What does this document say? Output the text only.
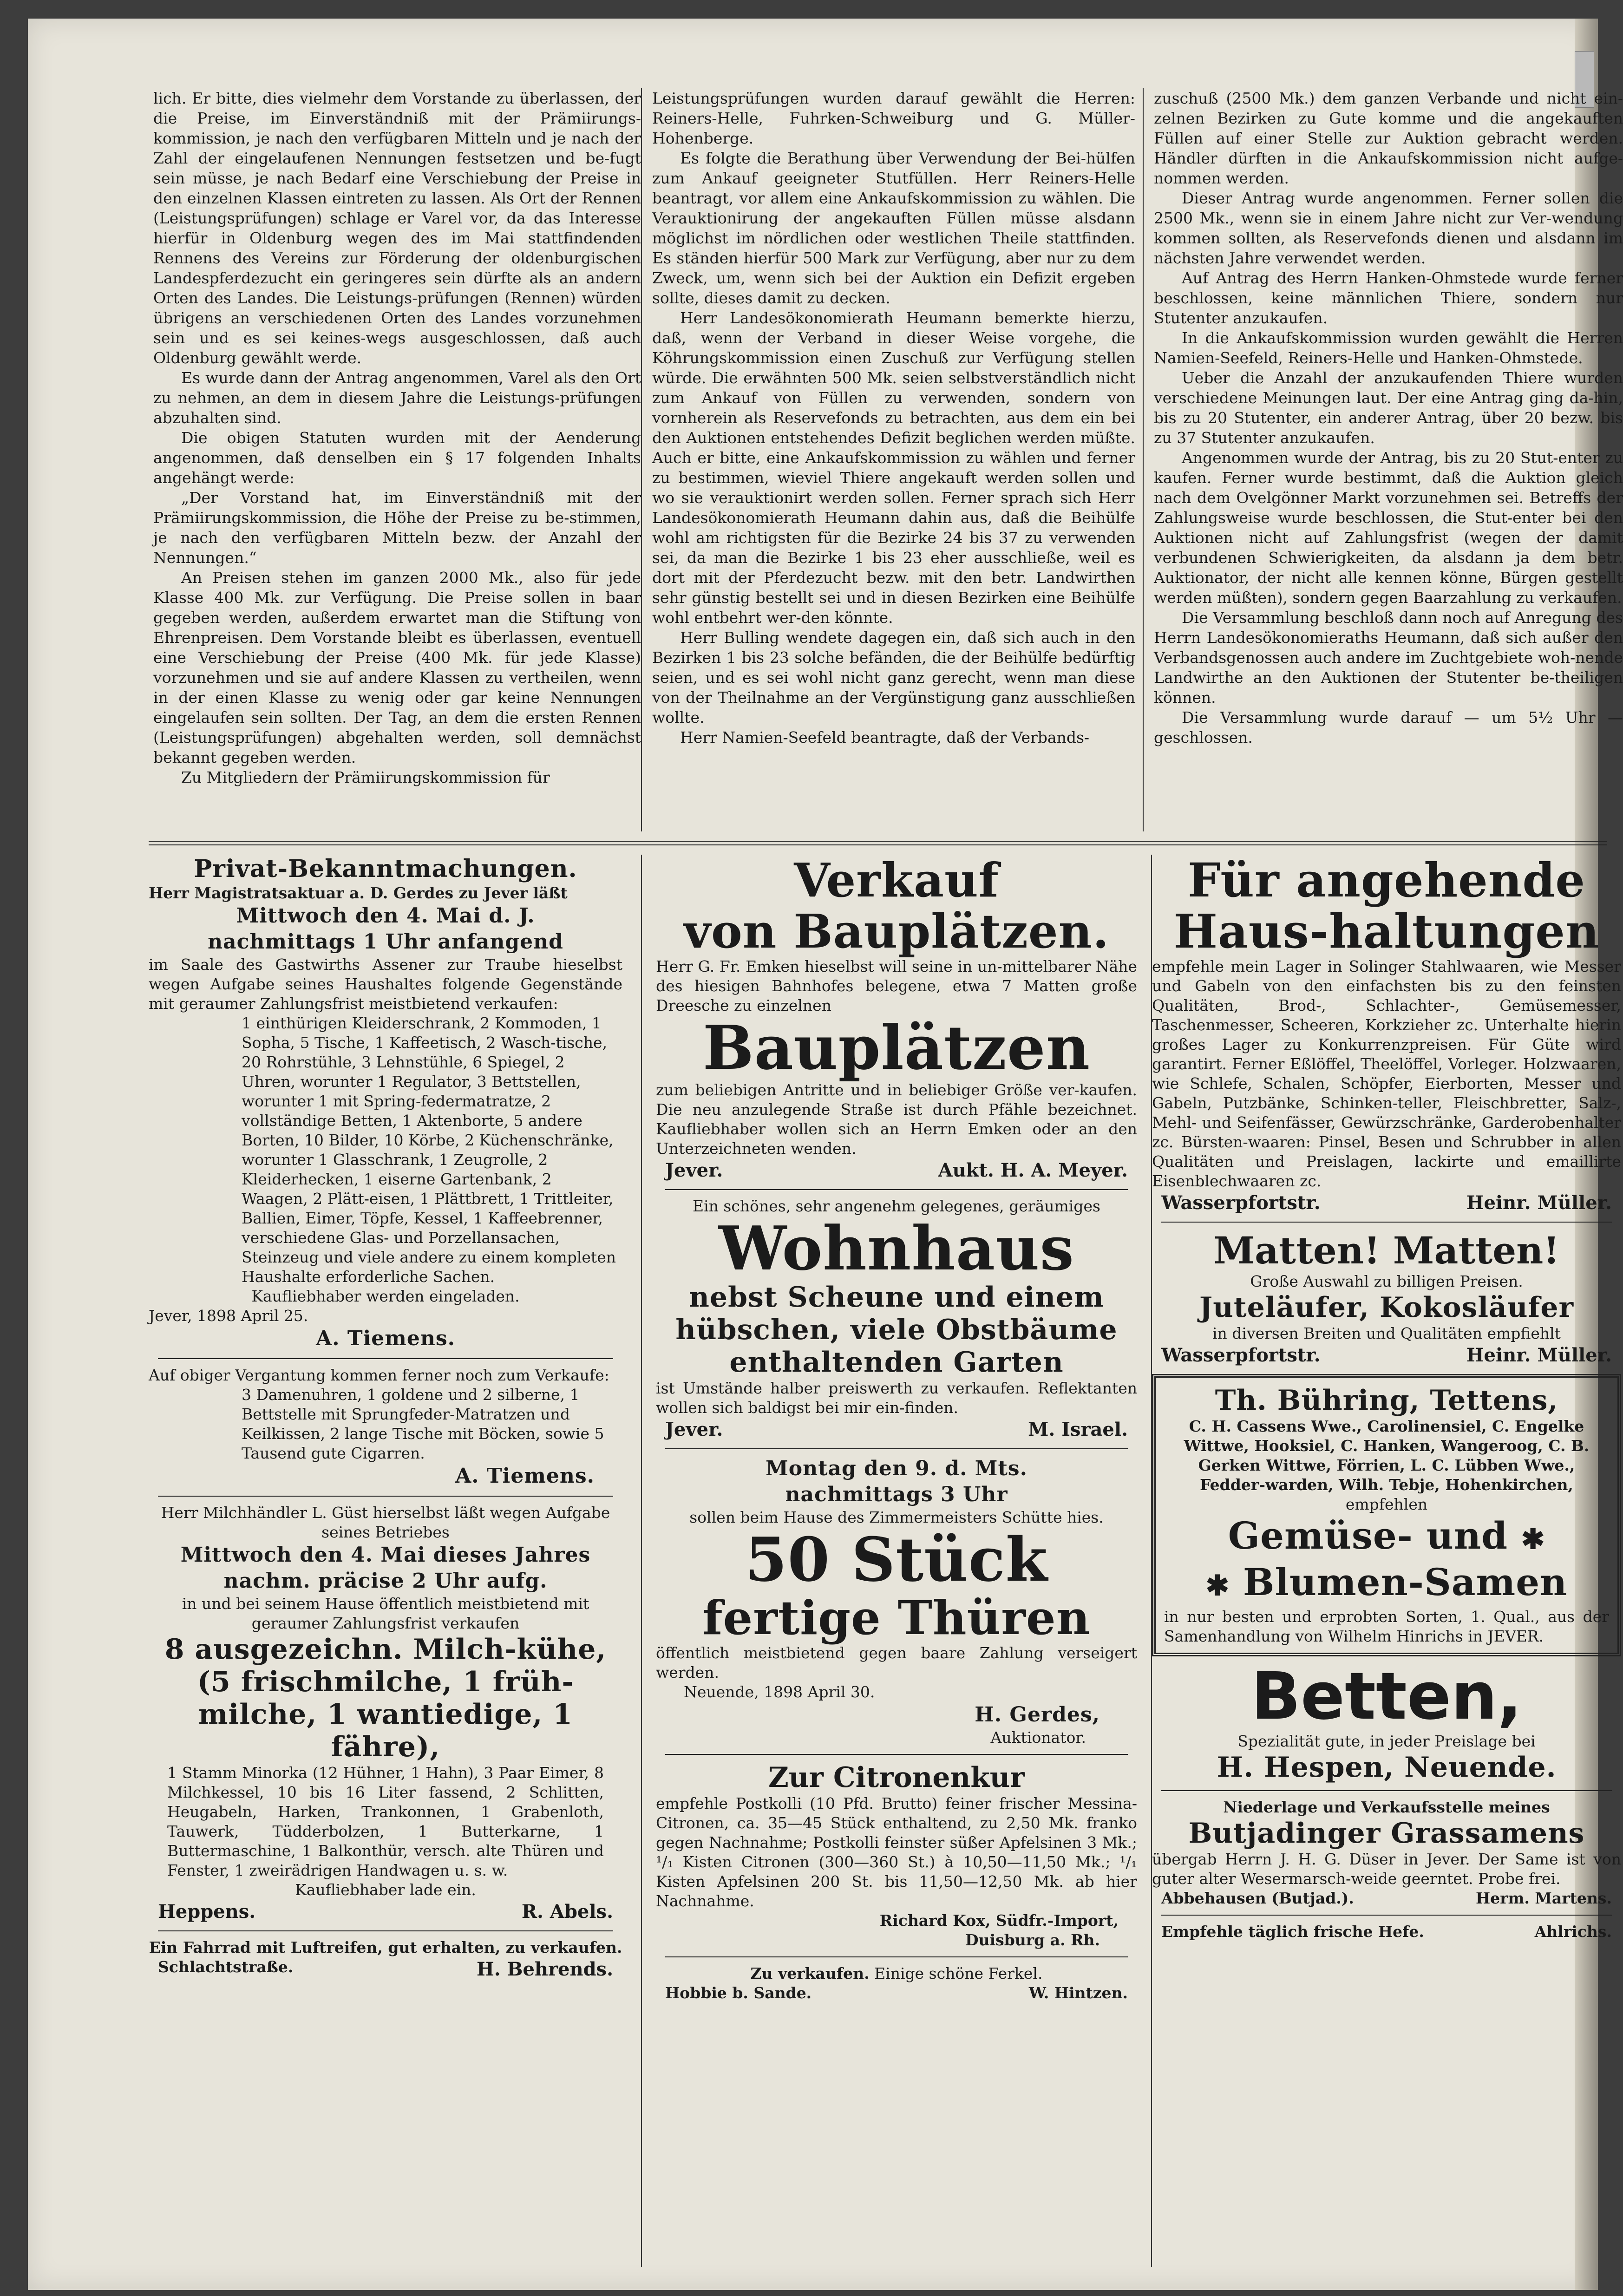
lich. Er bitte, dies vielmehr dem Vorstande zu überlassen, der die Preise, im Einverständniß mit der Prämiirungs-kommission, je nach den verfügbaren Mitteln und je nach der Zahl der eingelaufenen Nennungen festsetzen und be-fugt sein müsse, je nach Bedarf eine Verschiebung der Preise in den einzelnen Klassen eintreten zu lassen. Als Ort der Rennen (Leistungsprüfungen) schlage er Varel vor, da das Interesse hierfür in Oldenburg wegen des im Mai stattfindenden Rennens des Vereins zur Förderung der oldenburgischen Landespferdezucht ein geringeres sein dürfte als an andern Orten des Landes. Die Leistungs-prüfungen (Rennen) würden übrigens an verschiedenen Orten des Landes vorzunehmen sein und es sei keines-wegs ausgeschlossen, daß auch Oldenburg gewählt werde.

Es wurde dann der Antrag angenommen, Varel als den Ort zu nehmen, an dem in diesem Jahre die Leistungs-prüfungen abzuhalten sind.

Die obigen Statuten wurden mit der Aenderung angenommen, daß denselben ein § 17 folgenden Inhalts angehängt werde:

„Der Vorstand hat, im Einverständniß mit der Prämiirungskommission, die Höhe der Preise zu be-stimmen, je nach den verfügbaren Mitteln bezw. der Anzahl der Nennungen.“

An Preisen stehen im ganzen 2000 Mk., also für jede Klasse 400 Mk. zur Verfügung. Die Preise sollen in baar gegeben werden, außerdem erwartet man die Stiftung von Ehrenpreisen. Dem Vorstande bleibt es überlassen, eventuell eine Verschiebung der Preise (400 Mk. für jede Klasse) vorzunehmen und sie auf andere Klassen zu vertheilen, wenn in der einen Klasse zu wenig oder gar keine Nennungen eingelaufen sein sollten. Der Tag, an dem die ersten Rennen (Leistungsprüfungen) abgehalten werden, soll demnächst bekannt gegeben werden.

Zu Mitgliedern der Prämiirungskommission für

Leistungsprüfungen wurden darauf gewählt die Herren: Reiners-Helle, Fuhrken-Schweiburg und G. Müller-Hohenberge.

Es folgte die Berathung über Verwendung der Bei-hülfen zum Ankauf geeigneter Stutfüllen. Herr Reiners-Helle beantragt, vor allem eine Ankaufskommission zu wählen. Die Verauktionirung der angekauften Füllen müsse alsdann möglichst im nördlichen oder westlichen Theile stattfinden. Es ständen hierfür 500 Mark zur Verfügung, aber nur zu dem Zweck, um, wenn sich bei der Auktion ein Defizit ergeben sollte, dieses damit zu decken.

Herr Landesökonomierath Heumann bemerkte hierzu, daß, wenn der Verband in dieser Weise vorgehe, die Köhrungskommission einen Zuschuß zur Verfügung stellen würde. Die erwähnten 500 Mk. seien selbstverständlich nicht zum Ankauf von Füllen zu verwenden, sondern von vornherein als Reservefonds zu betrachten, aus dem ein bei den Auktionen entstehendes Defizit beglichen werden müßte. Auch er bitte, eine Ankaufskommission zu wählen und ferner zu bestimmen, wieviel Thiere angekauft werden sollen und wo sie verauktionirt werden sollen. Ferner sprach sich Herr Landesökonomierath Heumann dahin aus, daß die Beihülfe wohl am richtigsten für die Bezirke 24 bis 37 zu verwenden sei, da man die Bezirke 1 bis 23 eher ausschließe, weil es dort mit der Pferdezucht bezw. mit den betr. Landwirthen sehr günstig bestellt sei und in diesen Bezirken eine Beihülfe wohl entbehrt wer-den könnte.

Herr Bulling wendete dagegen ein, daß sich auch in den Bezirken 1 bis 23 solche befänden, die der Beihülfe bedürftig seien, und es sei wohl nicht ganz gerecht, wenn man diese von der Theilnahme an der Vergünstigung ganz ausschließen wollte.

Herr Namien-Seefeld beantragte, daß der Verbands-

zuschuß (2500 Mk.) dem ganzen Verbande und nicht ein-zelnen Bezirken zu Gute komme und die angekauften Füllen auf einer Stelle zur Auktion gebracht werden. Händler dürften in die Ankaufskommission nicht aufge-nommen werden.

Dieser Antrag wurde angenommen. Ferner sollen die 2500 Mk., wenn sie in einem Jahre nicht zur Ver-wendung kommen sollten, als Reservefonds dienen und alsdann im nächsten Jahre verwendet werden.

Auf Antrag des Herrn Hanken-Ohmstede wurde ferner beschlossen, keine männlichen Thiere, sondern nur Stutenter anzukaufen.

In die Ankaufskommission wurden gewählt die Herren Namien-Seefeld, Reiners-Helle und Hanken-Ohmstede.

Ueber die Anzahl der anzukaufenden Thiere wurden verschiedene Meinungen laut. Der eine Antrag ging da-hin, bis zu 20 Stutenter, ein anderer Antrag, über 20 bezw. bis zu 37 Stutenter anzukaufen.

Angenommen wurde der Antrag, bis zu 20 Stut-enter zu kaufen. Ferner wurde bestimmt, daß die Auktion gleich nach dem Ovelgönner Markt vorzunehmen sei. Betreffs der Zahlungsweise wurde beschlossen, die Stut-enter bei den Auktionen nicht auf Zahlungsfrist (wegen der damit verbundenen Schwierigkeiten, da alsdann ja dem betr. Auktionator, der nicht alle kennen könne, Bürgen gestellt werden müßten), sondern gegen Baarzahlung zu verkaufen.

Die Versammlung beschloß dann noch auf Anregung des Herrn Landesökonomieraths Heumann, daß sich außer den Verbandsgenossen auch andere im Zuchtgebiete woh-nende Landwirthe an den Auktionen der Stutenter be-theiligen können.

Die Versammlung wurde darauf — um 5½ Uhr — geschlossen.

Privat-Bekanntmachungen.
Herr Magistratsaktuar a. D. Gerdes zu Jever läßt
Mittwoch den 4. Mai d. J.
nachmittags 1 Uhr anfangend
im Saale des Gastwirths Assener zur Traube hieselbst wegen Aufgabe seines Haushaltes folgende Gegenstände mit geraumer Zahlungsfrist meistbietend verkaufen:
1 einthürigen Kleiderschrank, 2 Kommoden, 1 Sopha, 5 Tische, 1 Kaffeetisch, 2 Wasch-tische, 20 Rohrstühle, 3 Lehnstühle, 6 Spiegel, 2 Uhren, worunter 1 Regulator, 3 Bettstellen, worunter 1 mit Spring-federmatratze, 2 vollständige Betten, 1 Aktenborte, 5 andere Borten, 10 Bilder, 10 Körbe, 2 Küchenschränke, worunter 1 Glasschrank, 1 Zeugrolle, 2 Kleiderhecken, 1 eiserne Gartenbank, 2 Waagen, 2 Plätt-eisen, 1 Plättbrett, 1 Trittleiter, Ballien, Eimer, Töpfe, Kessel, 1 Kaffeebrenner, verschiedene Glas- und Porzellansachen, Steinzeug und viele andere zu einem kompleten Haushalte erforderliche Sachen.
Kaufliebhaber werden eingeladen.
Jever, 1898 April 25.
A. Tiemens.
Auf obiger Vergantung kommen ferner noch zum Verkaufe:
3 Damenuhren, 1 goldene und 2 silberne, 1 Bettstelle mit Sprungfeder-Matratzen und Keilkissen, 2 lange Tische mit Böcken, sowie 5 Tausend gute Cigarren.
A. Tiemens.
Herr Milchhändler L. Güst hierselbst läßt wegen Aufgabe seines Betriebes
Mittwoch den 4. Mai dieses Jahres
nachm. präcise 2 Uhr aufg.
in und bei seinem Hause öffentlich meistbietend mit geraumer Zahlungsfrist verkaufen
8 ausgezeichn. Milch-kühe, (5 frischmilche, 1 früh-milche, 1 wantiedige, 1 fähre),
1 Stamm Minorka (12 Hühner, 1 Hahn), 3 Paar Eimer, 8 Milchkessel, 10 bis 16 Liter fassend, 2 Schlitten, Heugabeln, Harken, Trankonnen, 1 Grabenloth, Tauwerk, Tüdderbolzen, 1 Butterkarne, 1 Buttermaschine, 1 Balkonthür, versch. alte Thüren und Fenster, 1 zweirädrigen Handwagen u. s. w.
Kaufliebhaber lade ein.
Heppens.	R. Abels.
Ein Fahrrad mit Luftreifen, gut erhalten, zu verkaufen.
Schlachtstraße.	H. Behrends.
Verkauf
von Bauplätzen.
Herr G. Fr. Emken hieselbst will seine in un-mittelbarer Nähe des hiesigen Bahnhofes belegene, etwa 7 Matten große Dreesche zu einzelnen
Bauplätzen
zum beliebigen Antritte und in beliebiger Größe ver-kaufen. Die neu anzulegende Straße ist durch Pfähle bezeichnet. Kaufliebhaber wollen sich an Herrn Emken oder an den Unterzeichneten wenden.
Jever.	Aukt. H. A. Meyer.
Ein schönes, sehr angenehm gelegenes, geräumiges
Wohnhaus
nebst Scheune und einem hübschen, viele Obstbäume enthaltenden Garten
ist Umstände halber preiswerth zu verkaufen. Reflektanten wollen sich baldigst bei mir ein-finden.
Jever.	M. Israel.
Montag den 9. d. Mts.
nachmittags 3 Uhr
sollen beim Hause des Zimmermeisters Schütte hies.
50 Stück
fertige Thüren
öffentlich meistbietend gegen baare Zahlung verseigert werden.
Neuende, 1898 April 30.
H. Gerdes,
Auktionator.
Zur Citronenkur
empfehle Postkolli (10 Pfd. Brutto) feiner frischer Messina-Citronen, ca. 35—45 Stück enthaltend, zu 2,50 Mk. franko gegen Nachnahme; Postkolli feinster süßer Apfelsinen 3 Mk.; ¹/₁ Kisten Citronen (300—360 St.) à 10,50—11,50 Mk.; ¹/₁ Kisten Apfelsinen 200 St. bis 11,50—12,50 Mk. ab hier Nachnahme.
Richard Kox, Südfr.-Import,
Duisburg a. Rh.
Zu verkaufen. Einige schöne Ferkel.
Hobbie b. Sande.	W. Hintzen.
Für angehende Haus-haltungen
empfehle mein Lager in Solinger Stahlwaaren, wie Messer und Gabeln von den einfachsten bis zu den feinsten Qualitäten, Brod-, Schlachter-, Gemüsemesser, Taschenmesser, Scheeren, Korkzieher zc. Unterhalte hierin großes Lager zu Konkurrenzpreisen. Für Güte wird garantirt. Ferner Eßlöffel, Theelöffel, Vorleger. Holzwaaren, wie Schlefe, Schalen, Schöpfer, Eierborten, Messer und Gabeln, Putzbänke, Schinken-teller, Fleischbretter, Salz-, Mehl- und Seifenfässer, Gewürzschränke, Garderobenhalter zc. Bürsten-waaren: Pinsel, Besen und Schrubber in allen Qualitäten und Preislagen, lackirte und emaillirte Eisenblechwaaren zc.
Wasserpfortstr.	Heinr. Müller.
Matten! Matten!
Große Auswahl zu billigen Preisen.
Juteläufer, Kokosläufer
in diversen Breiten und Qualitäten empfiehlt
Wasserpfortstr.	Heinr. Müller.
Th. Bühring, Tettens,
C. H. Cassens Wwe., Carolinensiel, C. Engelke Wittwe, Hooksiel, C. Hanken, Wangeroog, C. B. Gerken Wittwe, Förrien, L. C. Lübben Wwe., Fedder-warden, Wilh. Tebje, Hohenkirchen,
empfehlen
Gemüse- und ✱
✱ Blumen-Samen
in nur besten und erprobten Sorten, 1. Qual., aus der Samenhandlung von Wilhelm Hinrichs in JEVER.
Betten,
Spezialität gute, in jeder Preislage bei
H. Hespen, Neuende.
Niederlage und Verkaufsstelle meines
Butjadinger Grassamens
übergab Herrn J. H. G. Düser in Jever. Der Same ist von guter alter Wesermarsch-weide geerntet. Probe frei.
Abbehausen (Butjad.).	Herm. Martens.
Empfehle täglich frische Hefe.	Ahlrichs.
